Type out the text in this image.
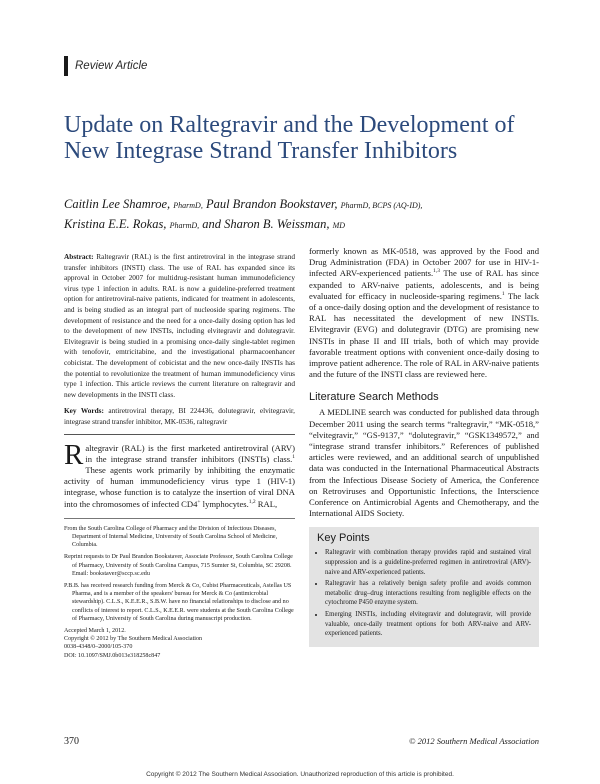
Review Article
Update on Raltegravir and the Development of New Integrase Strand Transfer Inhibitors
Caitlin Lee Shamroe, PharmD, Paul Brandon Bookstaver, PharmD, BCPS (AQ-ID),
Kristina E.E. Rokas, PharmD, and Sharon B. Weissman, MD
Abstract: Raltegravir (RAL) is the first antiretroviral in the integrase strand transfer inhibitors (INSTI) class. The use of RAL has expanded since its approval in October 2007 for multidrug-resistant human immunodeficiency virus type 1 infection in adults. RAL is now a guideline-preferred treatment option for antiretroviral-naive patients, indicated for treatment in adolescents, and is being studied as an integral part of nucleoside sparing regimens. The development of resistance and the need for a once-daily dosing option has led to the development of new INSTIs, including elvitegravir and dolutegravir. Elvitegravir is being studied in a promising once-daily single-tablet regimen with tenofovir, emtricitabine, and the investigational pharmacoenhancer cobicistat. The development of cobicistat and the new once-daily INSTIs has the potential to revolutionize the treatment of human immunodeficiency virus type 1 infection. This article reviews the current literature on raltegravir and new developments in the INSTI class.
Key Words: antiretroviral therapy, BI 224436, dolutegravir, elvitegravir, integrase strand transfer inhibitor, MK-0536, raltegravir
Raltegravir (RAL) is the first marketed antiretroviral (ARV) in the integrase strand transfer inhibitors (INSTIs) class.$^1$ These agents work primarily by inhibiting the enzymatic activity of human immunodeficiency virus type 1 (HIV-1) integrase, whose function is to catalyze the insertion of viral DNA into the chromosomes of infected CD4+ lymphocytes.$^{1,2}$ RAL,

From the South Carolina College of Pharmacy and the Division of Infectious Diseases, Department of Internal Medicine, University of South Carolina School of Medicine, Columbia.

Reprint requests to Dr Paul Brandon Bookstaver, Associate Professor, South Carolina College of Pharmacy, University of South Carolina Campus, 715 Sumter St, Columbia, SC 29208. Email: bookstaver@sccp.sc.edu

P.B.B. has received research funding from Merck & Co, Cubist Pharmaceuticals, Astellas US Pharma, and is a member of the speakers' bureau for Merck & Co (antimicrobial stewardship). C.L.S., K.E.E.R., S.B.W. have no financial relationships to disclose and no conflicts of interest to report. C.L.S., K.E.E.R. were students at the South Carolina College of Pharmacy, University of South Carolina during manuscript production.

Accepted March 1, 2012.
Copyright © 2012 by The Southern Medical Association
0038-4348/0–2000/105-370
DOI: 10.1097/SMJ.0b013e318258c847
formerly known as MK-0518, was approved by the Food and Drug Administration (FDA) in October 2007 for use in HIV-1-infected ARV-experienced patients.$^{1,3}$ The use of RAL has since expanded to ARV-naive patients, adolescents, and is being evaluated for efficacy in nucleoside-sparing regimens.$^1$ The lack of a once-daily dosing option and the development of resistance to RAL has necessitated the development of new INSTIs. Elvitegravir (EVG) and dolutegravir (DTG) are promising new INSTIs in phase II and III trials, both of which may provide favorable treatment options with convenient once-daily dosing to improve patient adherence. The role of RAL in ARV-naive patients and the future of the INSTI class are reviewed here.
Literature Search Methods
A MEDLINE search was conducted for published data through December 2011 using the search terms “raltegravir,” “MK-0518,” “elvitegravir,” “GS-9137,” “dolutegravir,” “GSK1349572,” and “integrase strand transfer inhibitors.” References of published articles were reviewed, and an additional search of unpublished data was conducted in the International Pharmaceutical Abstracts from the Infectious Disease Society of America, the Conference on Retroviruses and Opportunistic Infections, the Interscience Conference on Antimicrobial Agents and Chemotherapy, and the International AIDS Society.
Key Points
• Raltegravir with combination therapy provides rapid and sustained viral suppression and is a guideline-preferred regimen in antiretroviral (ARV)-naive and ARV-experienced patients.
• Raltegravir has a relatively benign safety profile and avoids common metabolic drug–drug interactions resulting from negligible effects on the cytochrome P450 enzyme system.
• Emerging INSTIs, including elvitegravir and dolutegravir, will provide valuable, once-daily treatment options for both ARV-naive and ARV-experienced patients.
370	© 2012 Southern Medical Association
Copyright © 2012 The Southern Medical Association. Unauthorized reproduction of this article is prohibited.
